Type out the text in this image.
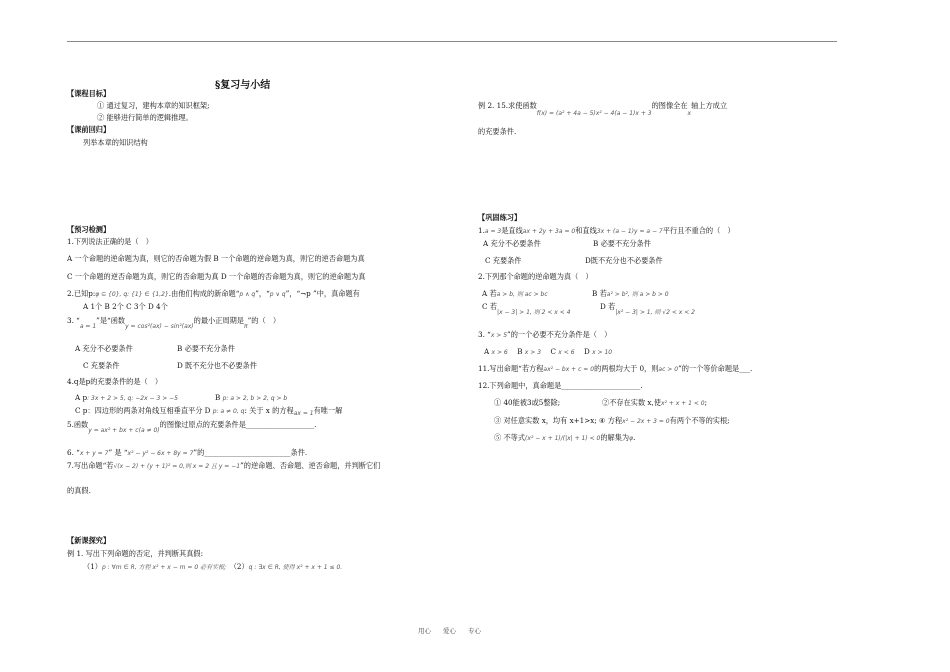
§复习与小结
【课程目标】
① 通过复习，建构本章的知识框架;
② 能够进行简单的逻辑推理。
【课前回归】
列举本章的知识结构
【预习检测】
1.下列说法正确的是（　）
A 一个命题的逆命题为真，则它的否命题为假 B 一个命题的逆命题为真，则它的逆否命题为真
C 一个命题的逆否命题为真，则它的否命题为真 D 一个命题的否命题为真，则它的逆命题为真
2.已知p:φ ⊆ {0}, q: {1} ∈ {1,2}.由他们构成的新命题“p ∧ q”，“p ∨ q”，“¬p ”中，真命题有
A 1个 B 2个 C 3个 D 4个
3. “$_{a = 1}$”是“函数$_{y = cos^2(ax) - sin^2(ax)}$的最小正周期是$_\pi$”的（　）
A 充分不必要条件	B 必要不充分条件
C 充要条件	D 既不充分也不必要条件
4.q是p的充要条件的是（　）
A p: 3x + 2 > 5, q: −2x − 3 > −5	B p: a > 2, b > 2, q > b
C p：四边形的两条对角线互相垂直平分 D p: a ≠ 0, q: 关于 x 的方程$_{ax = 1}$有唯一解
5.函数$_{y = ax^2 + bx + c(a \ne 0)}$的图像过原点的充要条件是___________________.
6. “x + y = 7” 是 “x² − y² − 6x + 8y = 7”的________________________条件.
7.写出命题“若√(x − 2) + (y + 1)² = 0,则 x = 2 且 y = −1”的逆命题、否命题、逆否命题，并判断它们
的真假.
【新课探究】
例 1. 写出下列命题的否定，并判断其真假:
（1）p : ∀m ∈ R, 方程 x² + x − m = 0 必有实根;　 （2）q : ∃x ∈ R, 使得 x² + x + 1 ≤ 0.
例 2. 15.求使函数$_{f(x) = (a^2 + 4a - 5)x^2 - 4(a - 1)x + 3}$的图像全在$_x$轴上方成立
的充要条件.
【巩固练习】
1.a = 3是直线ax + 2y + 3a = 0和直线3x + (a − 1)y = a − 7平行且不重合的（　）
A 充分不必要条件	B 必要不充分条件
C 充要条件	D既不充分也不必要条件
2.下列那个命题的逆命题为真（　）
A 若a > b, 则 ac > bc	B 若a² > b², 则 a > b > 0
C 若$_{|x - 3| > 1, 则 2 < x < 4}$
D 若$_{|x^2 - 3| > 1, 则 √2 < x < 2}$
3. “x > 5”的一个必要不充分条件是（　）
A x > 6　 B x > 3　 C x < 6　 D x > 10
11.写出命题“若方程ax² − bx + c = 0的两根均大于 0，则ac > 0”的一个等价命题是___.
12.下列命题中，真命题是______________________.
① 40能被3或5整除;	②不存在实数 x,使x² + x + 1 < 0;
③ 对任意实数 x，均有 x+1>x; ④ 方程x² − 2x + 3 = 0有两个不等的实根;
⑤ 不等式(x² − x + 1)/(|x| + 1) < 0的解集为φ.
用心 爱心 专心
